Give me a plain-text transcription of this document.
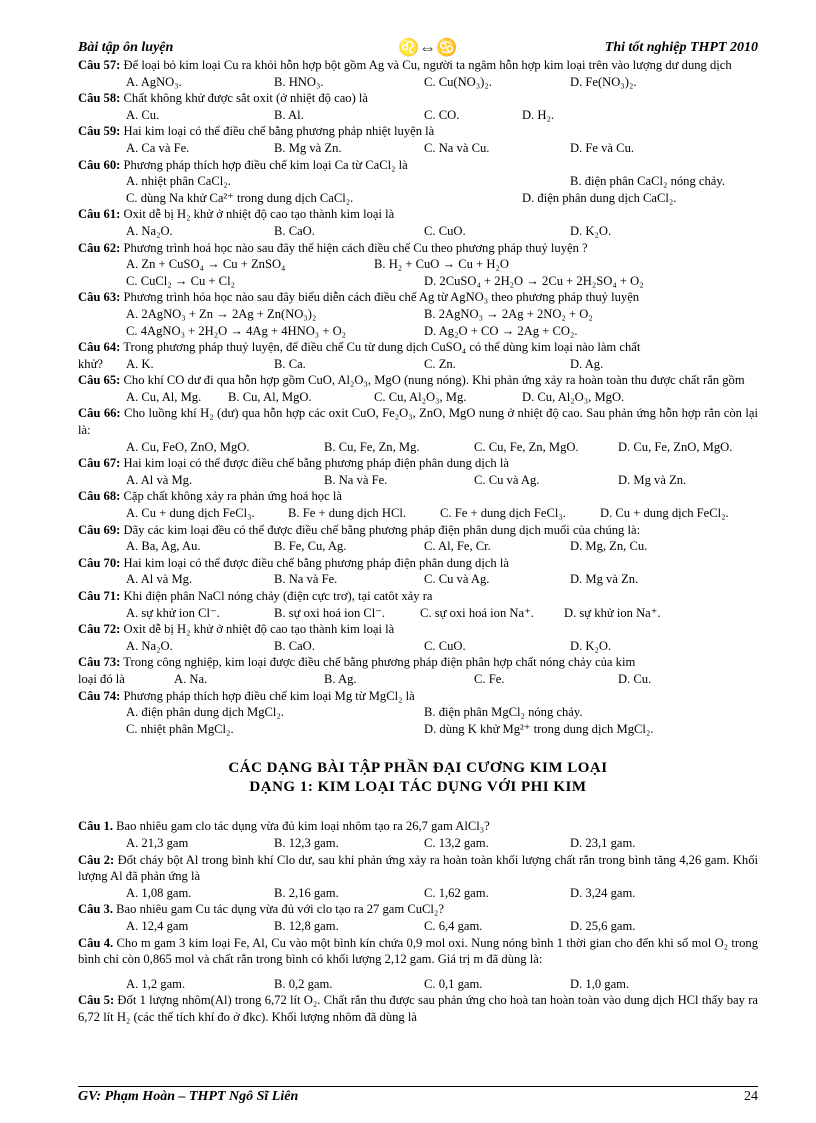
Bài tập ôn luyện	♌⇔♋	Thi tốt nghiệp THPT 2010

Câu 57: Để loại bỏ kim loại Cu ra khỏi hỗn hợp bột gồm Ag và Cu, người ta ngâm hỗn hợp kim loại trên vào lượng dư dung dịch

A. AgNO₃.	B. HNO₃.	C. Cu(NO₃)₂.	D. Fe(NO₃)₂.

Câu 58: Chất không khử được sắt oxit (ở nhiệt độ cao) là

A. Cu.	B. Al.	C. CO.	D. H₂.

Câu 59: Hai kim loại có thể điều chế bằng phương pháp nhiệt luyện là

A. Ca và Fe.	B. Mg và Zn.	C. Na và Cu.	D. Fe và Cu.

Câu 60: Phương pháp thích hợp điều chế kim loại Ca từ CaCl₂ là

A. nhiệt phân CaCl₂.	B. điện phân CaCl₂ nóng chảy.
C. dùng Na khử Ca²⁺ trong dung dịch CaCl₂.	D. điện phân dung dịch CaCl₂.

Câu 61: Oxit dễ bị H₂ khử ở nhiệt độ cao tạo thành kim loại là

A. Na₂O.	B. CaO.	C. CuO.	D. K₂O.

Câu 62: Phương trình hoá học nào sau đây thể hiện cách điều chế Cu theo phương pháp thuỷ luyện ?

A. Zn + CuSO₄ → Cu + ZnSO₄	B. H₂ + CuO → Cu + H₂O
C. CuCl₂ → Cu + Cl₂	D. 2CuSO₄ + 2H₂O → 2Cu + 2H₂SO₄ + O₂

Câu 63: Phương trình hóa học nào sau đây biểu diễn cách điều chế Ag từ AgNO₃ theo phương pháp thuỷ luyện

A. 2AgNO₃ + Zn → 2Ag + Zn(NO₃)₂	B. 2AgNO₃ → 2Ag + 2NO₂ + O₂
C. 4AgNO₃ + 2H₂O → 4Ag + 4HNO₃ + O₂	D. Ag₂O + CO → 2Ag + CO₂.

Câu 64: Trong phương pháp thuỷ luyện, để điều chế Cu từ dung dịch CuSO₄ có thể dùng kim loại nào làm chất

khử? A. K.	B. Ca.	C. Zn.	D. Ag.

Câu 65: Cho khí CO dư đi qua hỗn hợp gồm CuO, Al₂O₃, MgO (nung nóng). Khi phản ứng xảy ra hoàn toàn thu được chất rắn gồm

A. Cu, Al, Mg. B. Cu, Al, MgO.	C. Cu, Al₂O₃, Mg.	D. Cu, Al₂O₃, MgO.

Câu 66: Cho luồng khí H₂ (dư) qua hỗn hợp các oxit CuO, Fe₂O₃, ZnO, MgO nung ở nhiệt độ cao. Sau phản ứng hỗn hợp rắn còn lại là:

A. Cu, FeO, ZnO, MgO.	B. Cu, Fe, Zn, Mg.	C. Cu, Fe, Zn, MgO.	D. Cu, Fe, ZnO, MgO.

Câu 67: Hai kim loại có thể được điều chế bằng phương pháp điện phân dung dịch là

A. Al và Mg.	B. Na và Fe.	C. Cu và Ag.	D. Mg và Zn.

Câu 68: Cặp chất không xảy ra phản ứng hoá học là

A. Cu + dung dịch FeCl₃.	B. Fe + dung dịch HCl.	C. Fe + dung dịch FeCl₃.	D. Cu + dung dịch FeCl₂.

Câu 69: Dãy các kim loại đều có thể được điều chế bằng phương pháp điện phân dung dịch muối của chúng là:

A. Ba, Ag, Au.	B. Fe, Cu, Ag.	C. Al, Fe, Cr.	D. Mg, Zn, Cu.

Câu 70: Hai kim loại có thể được điều chế bằng phương pháp điện phân dung dịch là

A. Al và Mg.	B. Na và Fe.	C. Cu và Ag.	D. Mg và Zn.

Câu 71: Khi điện phân NaCl nóng chảy (điện cực trơ), tại catôt xảy ra

A. sự khử ion Cl⁻.	B. sự oxi hoá ion Cl⁻.	C. sự oxi hoá ion Na⁺. D. sự khử ion Na⁺.

Câu 72: Oxit dễ bị H₂ khử ở nhiệt độ cao tạo thành kim loại là

A. Na₂O.	B. CaO.	C. CuO.	D. K₂O.

Câu 73: Trong công nghiệp, kim loại được điều chế bằng phương pháp điện phân hợp chất nóng chảy của kim

loại đó là	A. Na.	B. Ag.	C. Fe.	D. Cu.

Câu 74: Phương pháp thích hợp điều chế kim loại Mg từ MgCl₂ là

A. điện phân dung dịch MgCl₂.	B. điện phân MgCl₂ nóng chảy.
C. nhiệt phân MgCl₂.	D. dùng K khử Mg²⁺ trong dung dịch MgCl₂.
CÁC DẠNG BÀI TẬP PHẦN ĐẠI CƯƠNG KIM LOẠI
DẠNG 1: KIM LOẠI TÁC DỤNG VỚI PHI KIM

Câu 1. Bao nhiêu gam clo tác dụng vừa đủ kim loại nhôm tạo ra 26,7 gam AlCl₃?

A. 21,3 gam	B. 12,3 gam.	C. 13,2 gam.	D. 23,1 gam.

Câu 2: Đốt cháy bột Al trong bình khí Clo dư, sau khi phản ứng xảy ra hoàn toàn khối lượng chất rắn trong bình tăng 4,26 gam. Khối lượng Al đã phản ứng là

A. 1,08 gam.	B. 2,16 gam.	C. 1,62 gam.	D. 3,24 gam.

Câu 3. Bao nhiêu gam Cu tác dụng vừa đủ với clo tạo ra 27 gam CuCl₂?

A. 12,4 gam	B. 12,8 gam.	C. 6,4 gam.	D. 25,6 gam.

Câu 4. Cho m gam 3 kim loại Fe, Al, Cu vào một bình kín chứa 0,9 mol oxi. Nung nóng bình 1 thời gian cho đến khi số mol O₂ trong bình chỉ còn 0,865 mol và chất rắn trong bình có khối lượng 2,12 gam. Giá trị m đã dùng là:

A. 1,2 gam.	B. 0,2 gam.	C. 0,1 gam.	D. 1,0 gam.

Câu 5: Đốt 1 lượng nhôm(Al) trong 6,72 lít O₂. Chất rắn thu được sau phản ứng cho hoà tan hoàn toàn vào dung dịch HCl thấy bay ra 6,72 lít H₂ (các thể tích khí đo ở đkc). Khối lượng nhôm đã dùng là

GV: Phạm Hoàn – THPT Ngô Sĩ Liên	24
